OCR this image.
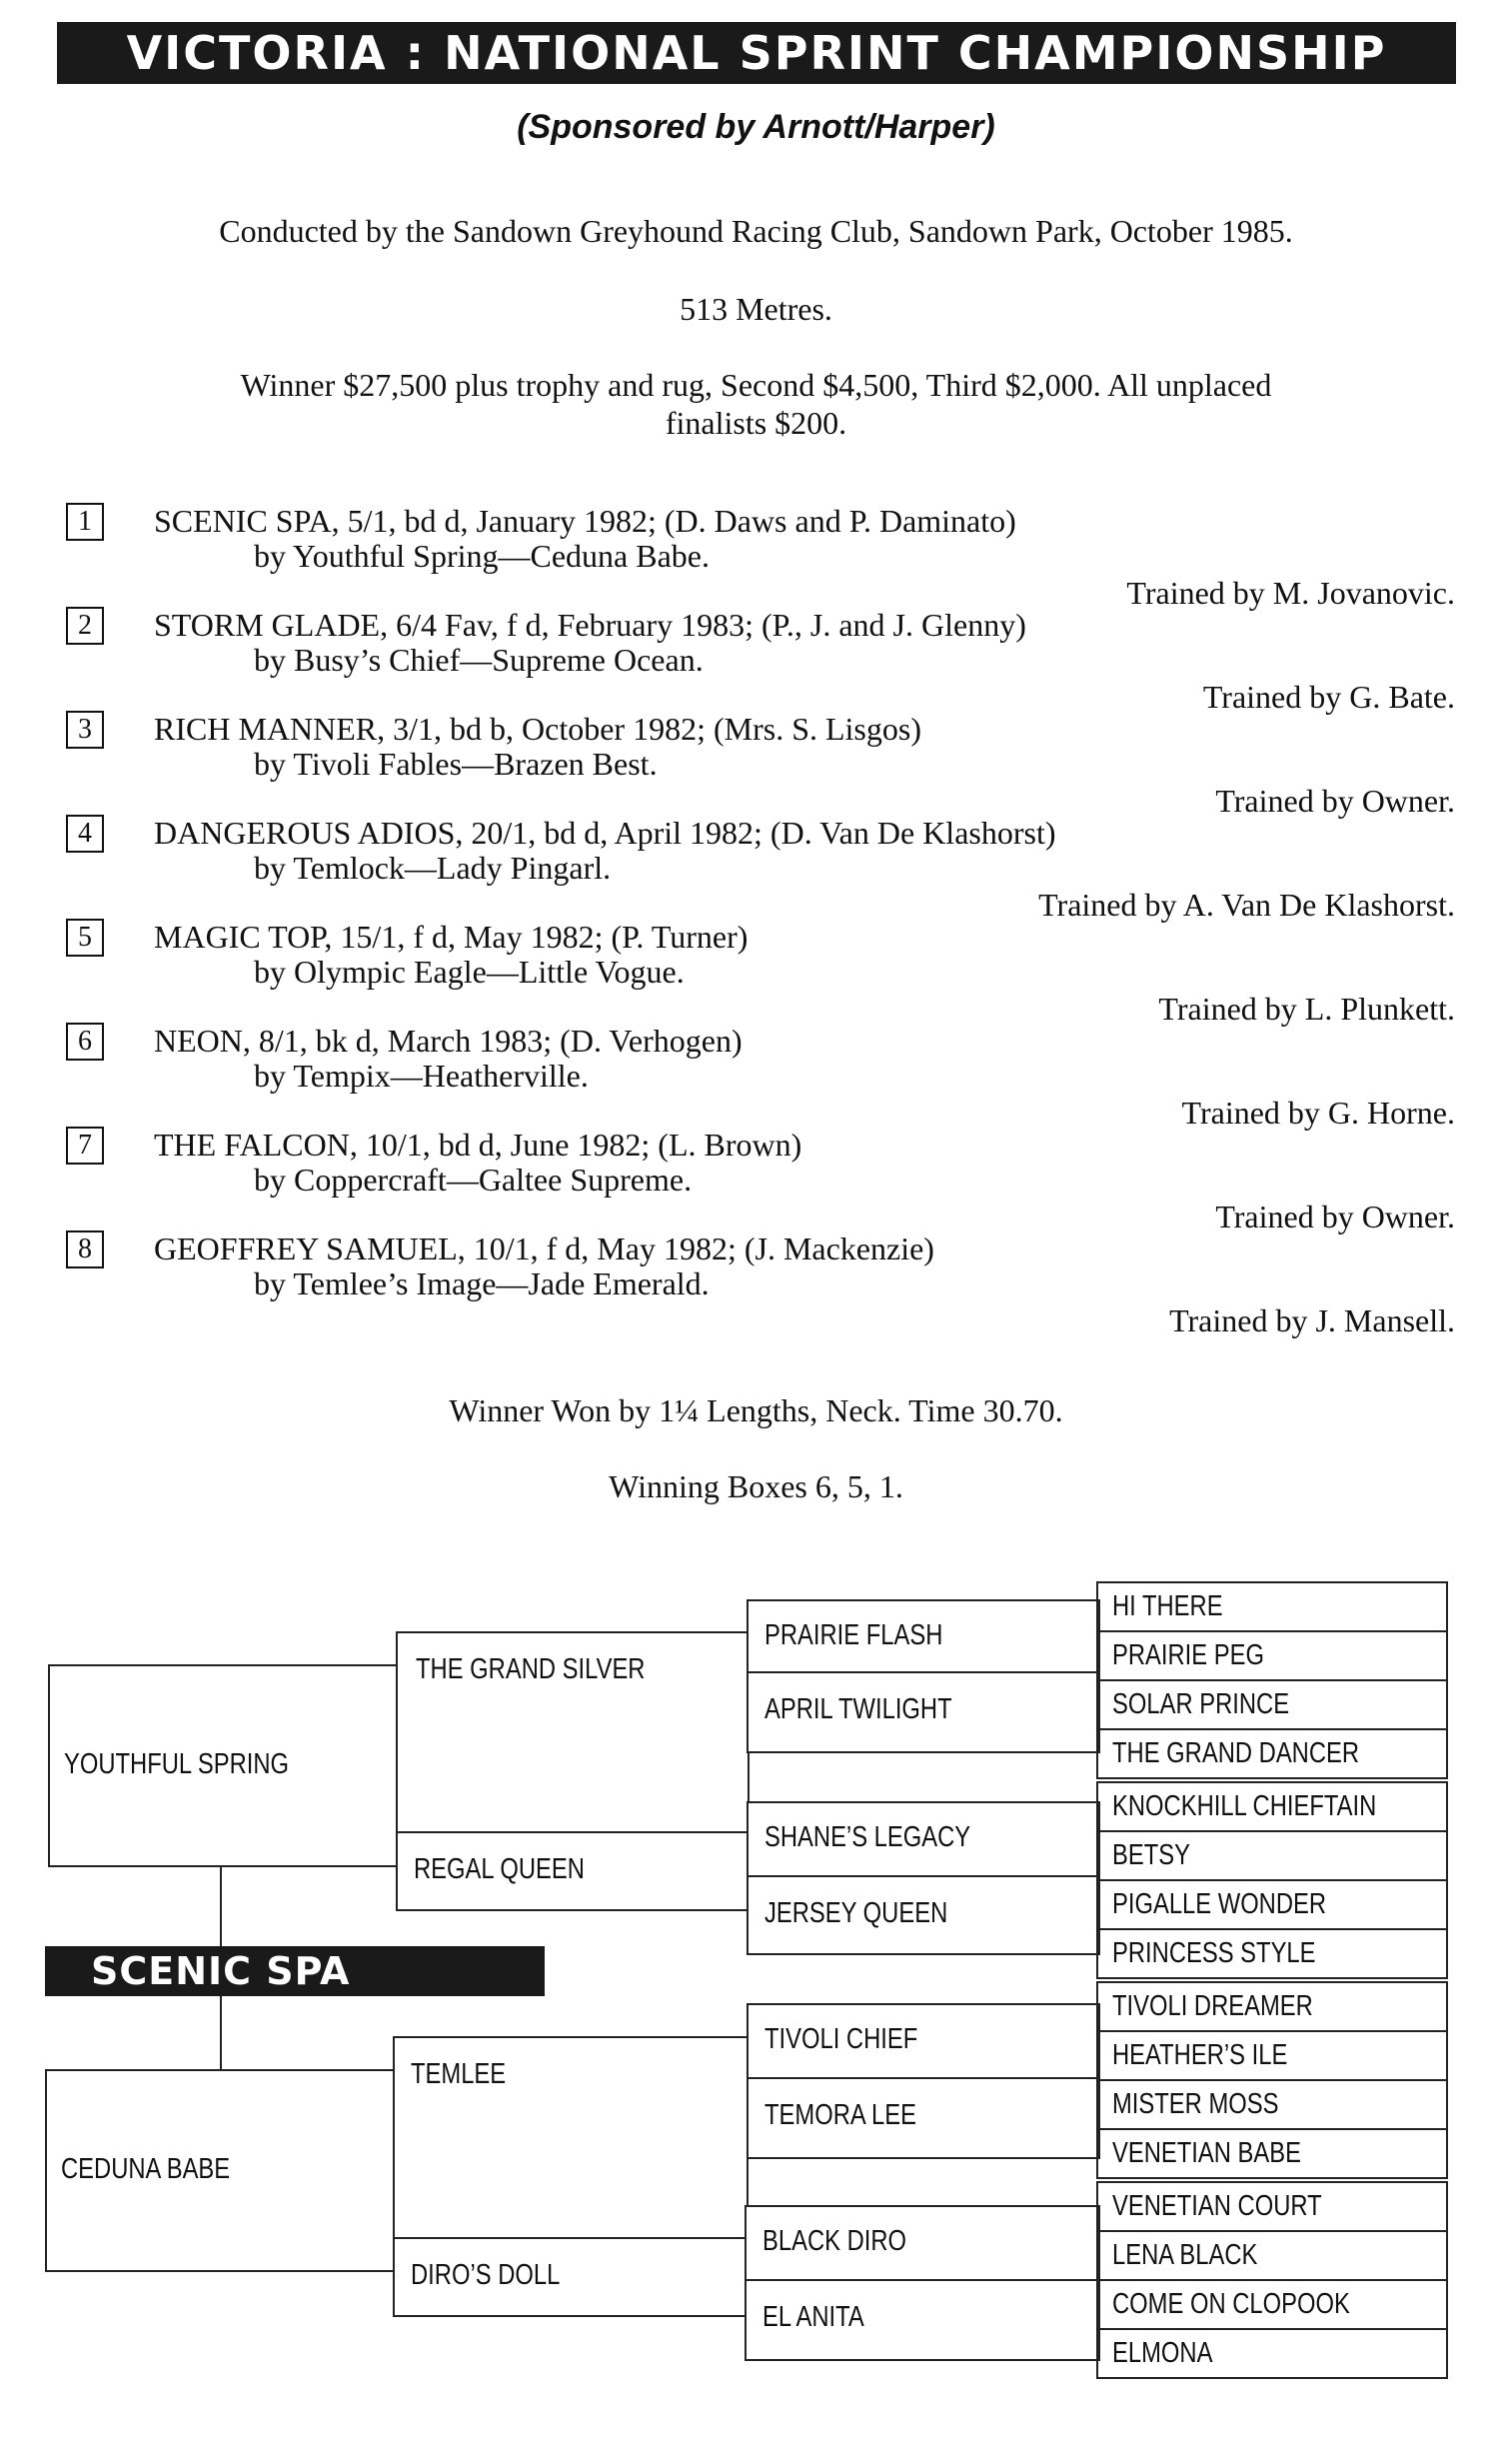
VICTORIA : NATIONAL SPRINT CHAMPIONSHIP
(Sponsored by Arnott/Harper)
Conducted by the Sandown Greyhound Racing Club, Sandown Park, October 1985.
513 Metres.
Winner $27,500 plus trophy and rug, Second $4,500, Third $2,000. All unplaced
finalists $200.
1	SCENIC SPA, 5/1, bd d, January 1982; (D. Daws and P. Daminato)
by Youthful Spring—Ceduna Babe.
Trained by M. Jovanovic.
2	STORM GLADE, 6/4 Fav, f d, February 1983; (P., J. and J. Glenny)
by Busy’s Chief—Supreme Ocean.
Trained by G. Bate.
3	RICH MANNER, 3/1, bd b, October 1982; (Mrs. S. Lisgos)
by Tivoli Fables—Brazen Best.
Trained by Owner.
4	DANGEROUS ADIOS, 20/1, bd d, April 1982; (D. Van De Klashorst)
by Temlock—Lady Pingarl.
Trained by A. Van De Klashorst.
5	MAGIC TOP, 15/1, f d, May 1982; (P. Turner)
by Olympic Eagle—Little Vogue.
Trained by L. Plunkett.
6	NEON, 8/1, bk d, March 1983; (D. Verhogen)
by Tempix—Heatherville.
Trained by G. Horne.
7	THE FALCON, 10/1, bd d, June 1982; (L. Brown)
by Coppercraft—Galtee Supreme.
Trained by Owner.
8	GEOFFREY SAMUEL, 10/1, f d, May 1982; (J. Mackenzie)
by Temlee’s Image—Jade Emerald.
Trained by J. Mansell.
Winner Won by 1¼ Lengths, Neck. Time 30.70.
Winning Boxes 6, 5, 1.
YOUTHFUL SPRING
CEDUNA BABE
THE GRAND SILVER
REGAL QUEEN
TEMLEE
DIRO’S DOLL
PRAIRIE FLASH
APRIL TWILIGHT
SHANE’S LEGACY
JERSEY QUEEN
TIVOLI CHIEF
TEMORA LEE
BLACK DIRO
EL ANITA
HI THERE
PRAIRIE PEG
SOLAR PRINCE
THE GRAND DANCER
KNOCKHILL CHIEFTAIN
BETSY
PIGALLE WONDER
PRINCESS STYLE
TIVOLI DREAMER
HEATHER’S ILE
MISTER MOSS
VENETIAN BABE
VENETIAN COURT
LENA BLACK
COME ON CLOPOOK
ELMONA
SCENIC SPA
